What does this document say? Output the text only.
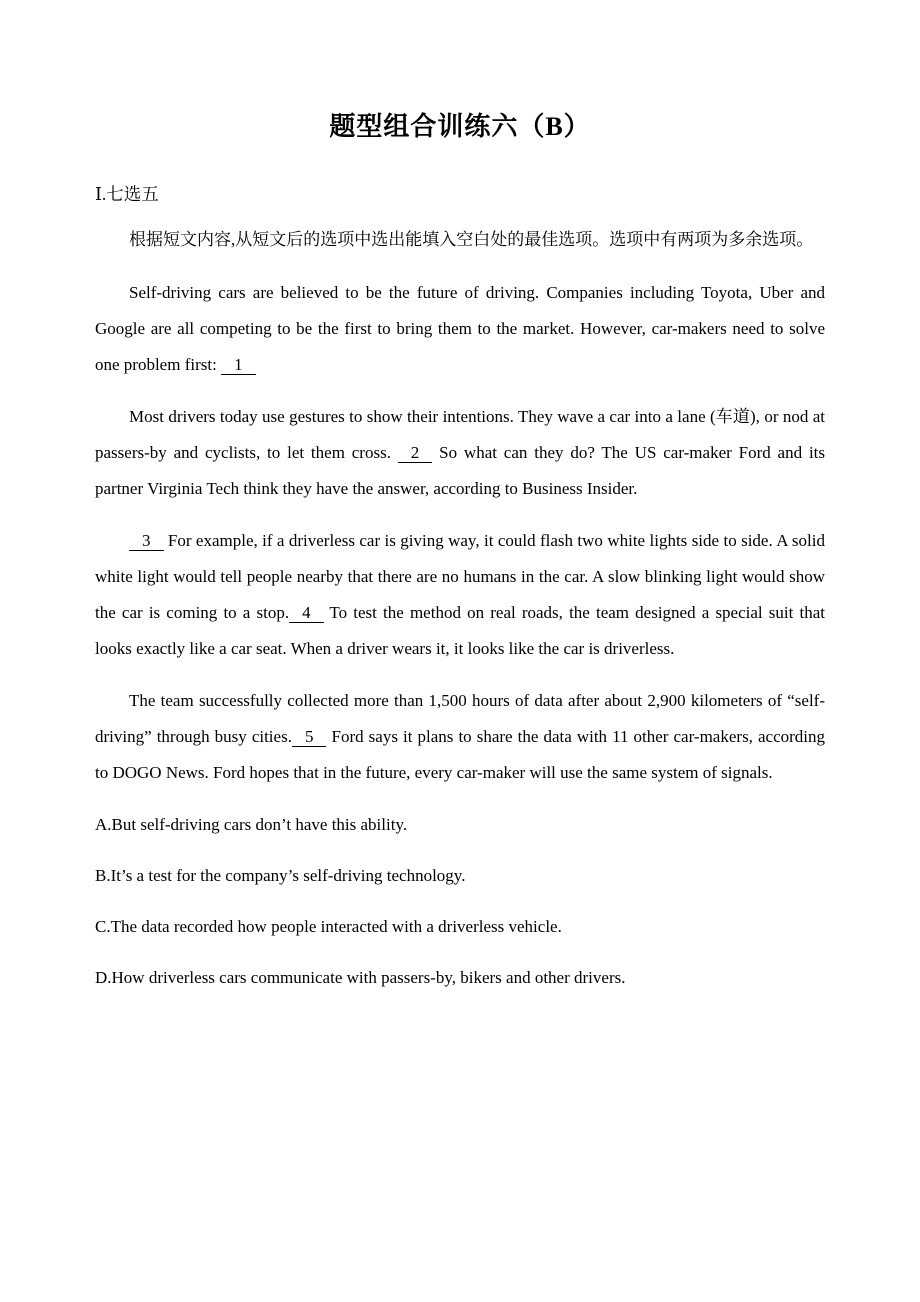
题型组合训练六（B）
Ⅰ.七选五

根据短文内容,从短文后的选项中选出能填入空白处的最佳选项。选项中有两项为多余选项。

Self-driving cars are believed to be the future of driving. Companies including Toyota, Uber and Google are all competing to be the first to bring them to the market. However, car-makers need to solve one problem first: 1

Most drivers today use gestures to show their intentions. They wave a car into a lane (车道), or nod at passers-by and cyclists, to let them cross. 2 So what can they do? The US car-maker Ford and its partner Virginia Tech think they have the answer, according to Business Insider.

3 For example, if a driverless car is giving way, it could flash two white lights side to side. A solid white light would tell people nearby that there are no humans in the car. A slow blinking light would show the car is coming to a stop. 4 To test the method on real roads, the team designed a special suit that looks exactly like a car seat. When a driver wears it, it looks like the car is driverless.

The team successfully collected more than 1,500 hours of data after about 2,900 kilometers of “self-driving” through busy cities. 5 Ford says it plans to share the data with 11 other car-makers, according to DOGO News. Ford hopes that in the future, every car-maker will use the same system of signals.

A.But self-driving cars don’t have this ability.

B.It’s a test for the company’s self-driving technology.

C.The data recorded how people interacted with a driverless vehicle.

D.How driverless cars communicate with passers-by, bikers and other drivers.
